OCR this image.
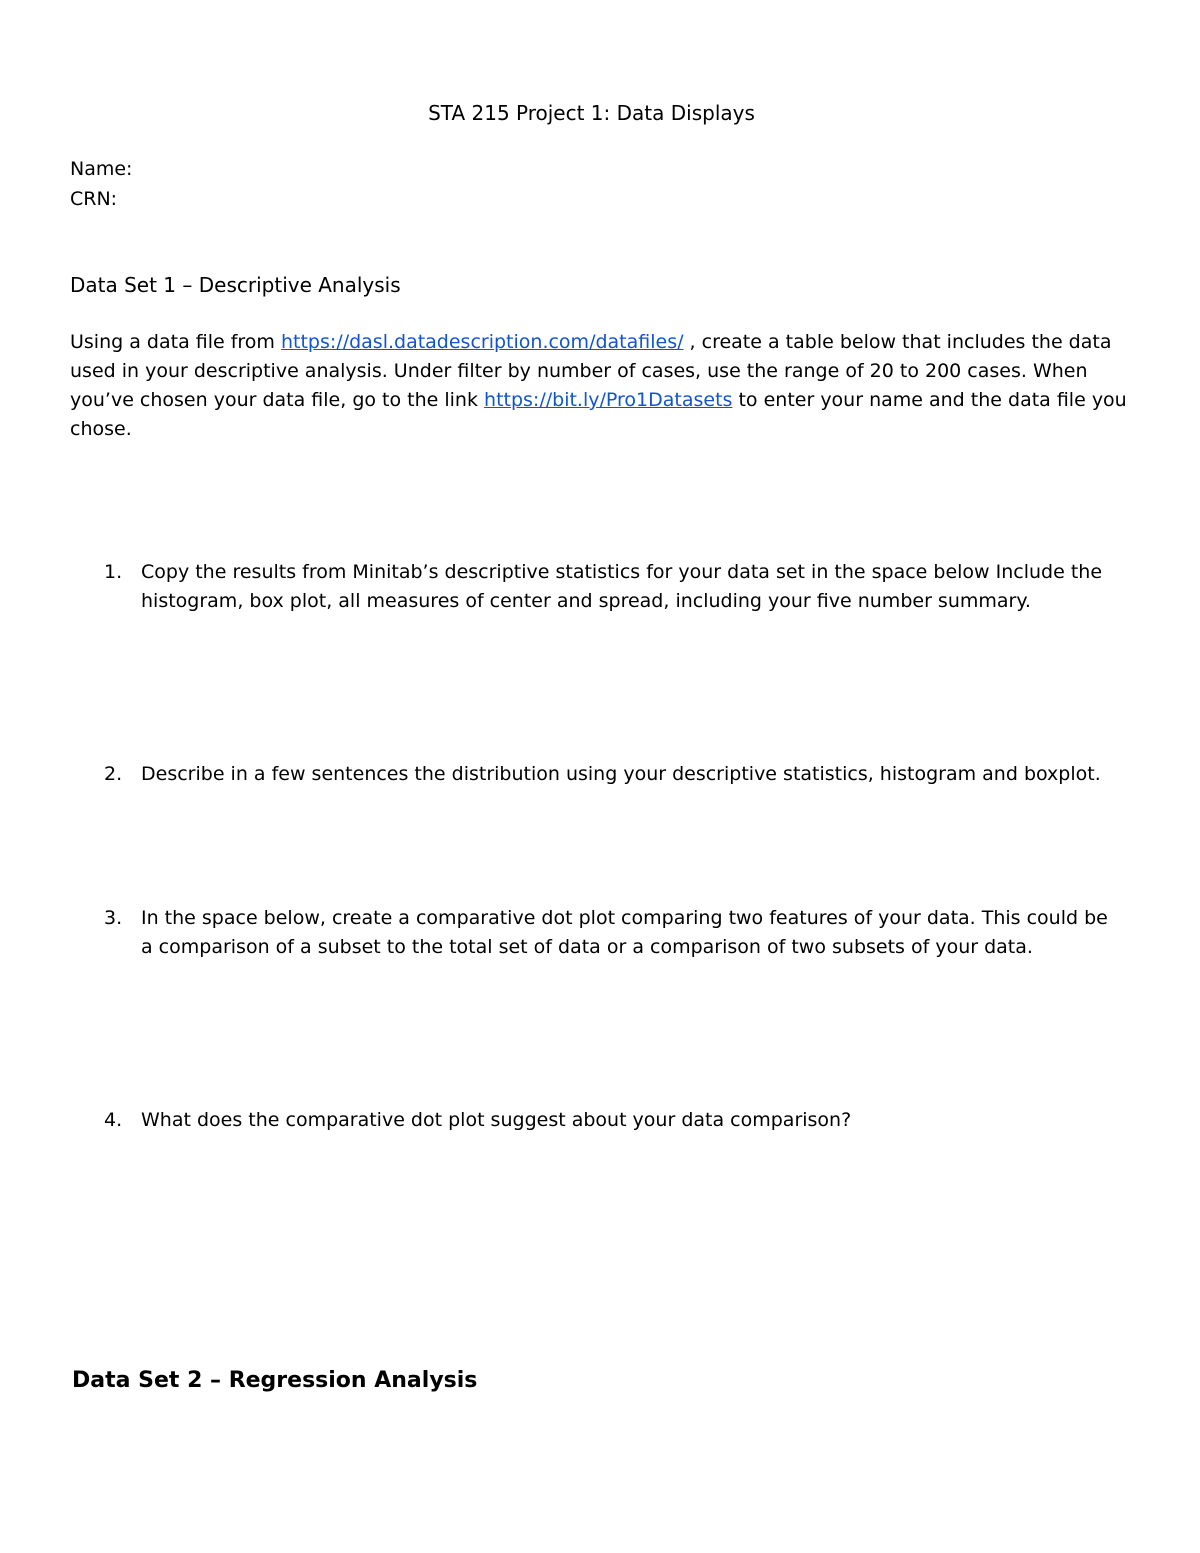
STA 215 Project 1: Data Displays
Name:
CRN:
Data Set 1 – Descriptive Analysis
Using a data file from https://dasl.datadescription.com/datafiles/ , create a table below that includes the data used in your descriptive analysis. Under filter by number of cases, use the range of 20 to 200 cases. When you’ve chosen your data file, go to the link https://bit.ly/Pro1Datasets to enter your name and the data file you chose.
1. Copy the results from Minitab’s descriptive statistics for your data set in the space below Include the histogram, box plot, all measures of center and spread, including your five number summary.
2. Describe in a few sentences the distribution using your descriptive statistics, histogram and boxplot.
3. In the space below, create a comparative dot plot comparing two features of your data. This could be a comparison of a subset to the total set of data or a comparison of two subsets of your data.
4. What does the comparative dot plot suggest about your data comparison?
Data Set 2 – Regression Analysis
